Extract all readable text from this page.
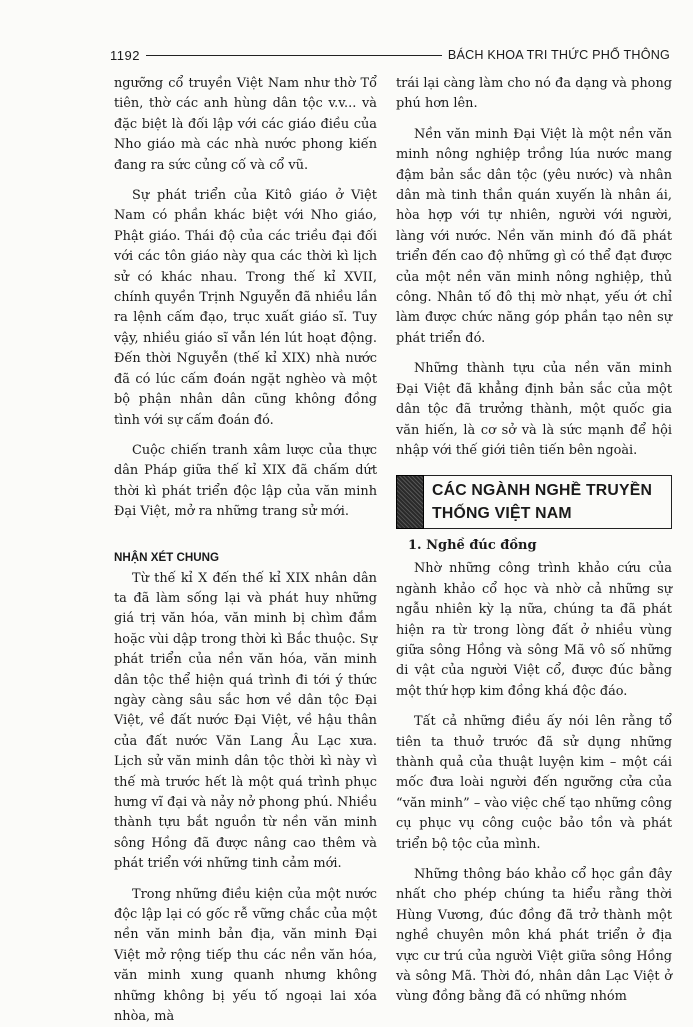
1192	BÁCH KHOA TRI THỨC PHỔ THÔNG

ngưỡng cổ truyền Việt Nam như thờ Tổ tiên, thờ các anh hùng dân tộc v.v... và đặc biệt là đối lập với các giáo điều của Nho giáo mà các nhà nước phong kiến đang ra sức củng cố và cổ vũ.

Sự phát triển của Kitô giáo ở Việt Nam có phần khác biệt với Nho giáo, Phật giáo. Thái độ của các triều đại đối với các tôn giáo này qua các thời kì lịch sử có khác nhau. Trong thế kỉ XVII, chính quyền Trịnh Nguyễn đã nhiều lần ra lệnh cấm đạo, trục xuất giáo sĩ. Tuy vậy, nhiều giáo sĩ vẫn lén lút hoạt động. Đến thời Nguyễn (thế kỉ XIX) nhà nước đã có lúc cấm đoán ngặt nghèo và một bộ phận nhân dân cũng không đồng tình với sự cấm đoán đó.

Cuộc chiến tranh xâm lược của thực dân Pháp giữa thế kỉ XIX đã chấm dứt thời kì phát triển độc lập của văn minh Đại Việt, mở ra những trang sử mới.

NHẬN XÉT CHUNG

Từ thế kỉ X đến thế kỉ XIX nhân dân ta đã làm sống lại và phát huy những giá trị văn hóa, văn minh bị chìm đắm hoặc vùi dập trong thời kì Bắc thuộc. Sự phát triển của nền văn hóa, văn minh dân tộc thể hiện quá trình đi tới ý thức ngày càng sâu sắc hơn về dân tộc Đại Việt, về đất nước Đại Việt, về hậu thân của đất nước Văn Lang Âu Lạc xưa. Lịch sử văn minh dân tộc thời kì này vì thế mà trước hết là một quá trình phục hưng vĩ đại và nảy nở phong phú. Nhiều thành tựu bắt nguồn từ nền văn minh sông Hồng đã được nâng cao thêm và phát triển với những tinh cảm mới.

Trong những điều kiện của một nước độc lập lại có gốc rễ vững chắc của một nền văn minh bản địa, văn minh Đại Việt mở rộng tiếp thu các nền văn hóa, văn minh xung quanh nhưng không những không bị yếu tố ngoại lai xóa nhòa, mà

trái lại càng làm cho nó đa dạng và phong phú hơn lên.

Nền văn minh Đại Việt là một nền văn minh nông nghiệp trồng lúa nước mang đậm bản sắc dân tộc (yêu nước) và nhân dân mà tinh thần quán xuyến là nhân ái, hòa hợp với tự nhiên, người với người, làng với nước. Nền văn minh đó đã phát triển đến cao độ những gì có thể đạt được của một nền văn minh nông nghiệp, thủ công. Nhân tố đô thị mờ nhạt, yếu ớt chỉ làm được chức năng góp phần tạo nên sự phát triển đó.

Những thành tựu của nền văn minh Đại Việt đã khẳng định bản sắc của một dân tộc đã trưởng thành, một quốc gia văn hiến, là cơ sở và là sức mạnh để hội nhập với thế giới tiên tiến bên ngoài.

CÁC NGÀNH NGHỀ TRUYỀN THỐNG VIỆT NAM

1. Nghề đúc đồng

Nhờ những công trình khảo cứu của ngành khảo cổ học và nhờ cả những sự ngẫu nhiên kỳ lạ nữa, chúng ta đã phát hiện ra từ trong lòng đất ở nhiều vùng giữa sông Hồng và sông Mã vô số những di vật của người Việt cổ, được đúc bằng một thứ hợp kim đồng khá độc đáo.

Tất cả những điều ấy nói lên rằng tổ tiên ta thuở trước đã sử dụng những thành quả của thuật luyện kim – một cái mốc đưa loài người đến ngưỡng cửa của “văn minh” – vào việc chế tạo những công cụ phục vụ công cuộc bảo tồn và phát triển bộ tộc của mình.

Những thông báo khảo cổ học gần đây nhất cho phép chúng ta hiểu rằng thời Hùng Vương, đúc đồng đã trở thành một nghề chuyên môn khá phát triển ở địa vực cư trú của người Việt giữa sông Hồng và sông Mã. Thời đó, nhân dân Lạc Việt ở vùng đồng bằng đã có những nhóm
